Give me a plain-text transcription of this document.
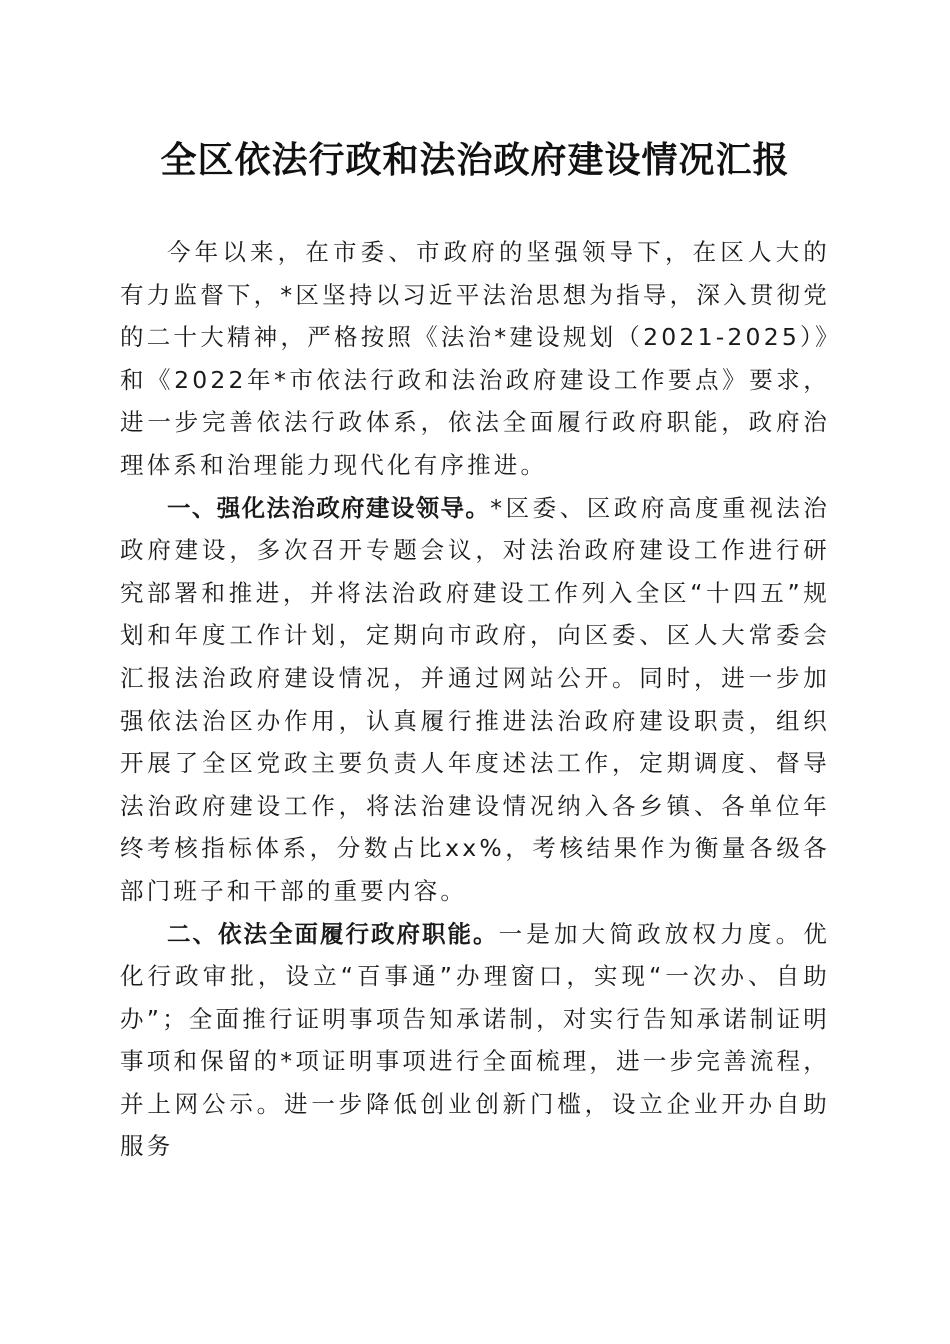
全区依法行政和法治政府建设情况汇报

今年以来，在市委、市政府的坚强领导下，在区人大的有力监督下，*区坚持以习近平法治思想为指导，深入贯彻党的二十大精神，严格按照《法治*建设规划（2021-2025）》和《2022年*市依法行政和法治政府建设工作要点》要求，进一步完善依法行政体系，依法全面履行政府职能，政府治理体系和治理能力现代化有序推进。

一、强化法治政府建设领导。*区委、区政府高度重视法治政府建设，多次召开专题会议，对法治政府建设工作进行研究部署和推进，并将法治政府建设工作列入全区“十四五”规划和年度工作计划，定期向市政府，向区委、区人大常委会汇报法治政府建设情况，并通过网站公开。同时，进一步加强依法治区办作用，认真履行推进法治政府建设职责，组织开展了全区党政主要负责人年度述法工作，定期调度、督导法治政府建设工作，将法治建设情况纳入各乡镇、各单位年终考核指标体系，分数占比xx%，考核结果作为衡量各级各部门班子和干部的重要内容。

二、依法全面履行政府职能。一是加大简政放权力度。优化行政审批，设立“百事通”办理窗口，实现“一次办、自助办”；全面推行证明事项告知承诺制，对实行告知承诺制证明事项和保留的*项证明事项进行全面梳理，进一步完善流程，并上网公示。进一步降低创业创新门槛，设立企业开办自助服务
